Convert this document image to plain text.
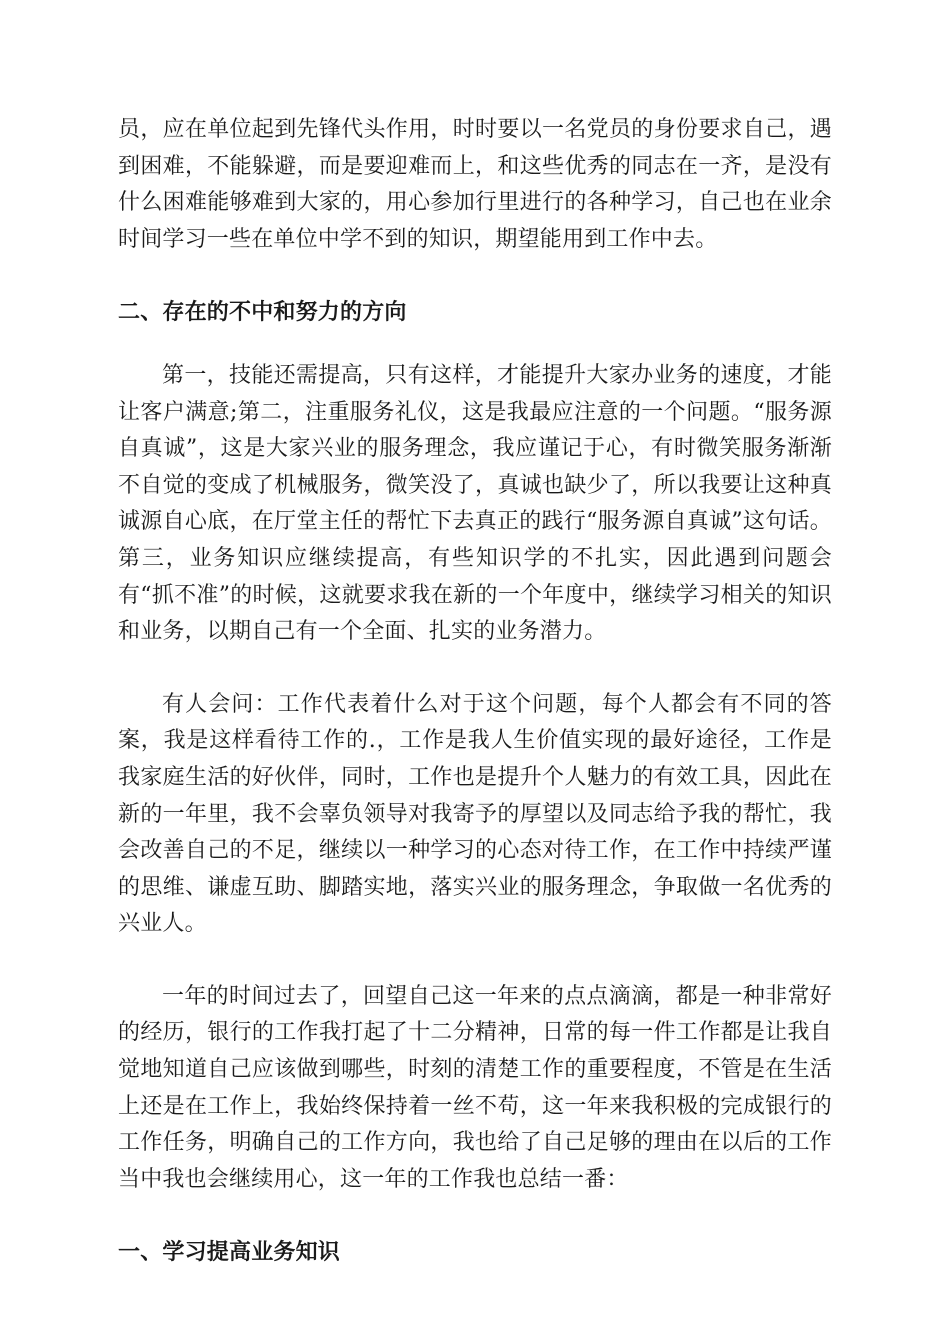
员，应在单位起到先锋代头作用，时时要以一名党员的身份要求自己，遇到困难，不能躲避，而是要迎难而上，和这些优秀的同志在一齐，是没有什么困难能够难到大家的，用心参加行里进行的各种学习，自己也在业余时间学习一些在单位中学不到的知识，期望能用到工作中去。

二、存在的不中和努力的方向

第一，技能还需提高，只有这样，才能提升大家办业务的速度，才能让客户满意;第二，注重服务礼仪，这是我最应注意的一个问题。“服务源自真诚”，这是大家兴业的服务理念，我应谨记于心，有时微笑服务渐渐不自觉的变成了机械服务，微笑没了，真诚也缺少了，所以我要让这种真诚源自心底，在厅堂主任的帮忙下去真正的践行“服务源自真诚”这句话。第三，业务知识应继续提高，有些知识学的不扎实，因此遇到问题会有“抓不准”的时候，这就要求我在新的一个年度中，继续学习相关的知识和业务，以期自己有一个全面、扎实的业务潜力。

有人会问：工作代表着什么对于这个问题，每个人都会有不同的答案，我是这样看待工作的.，工作是我人生价值实现的最好途径，工作是我家庭生活的好伙伴，同时，工作也是提升个人魅力的有效工具，因此在新的一年里，我不会辜负领导对我寄予的厚望以及同志给予我的帮忙，我会改善自己的不足，继续以一种学习的心态对待工作，在工作中持续严谨的思维、谦虚互助、脚踏实地，落实兴业的服务理念，争取做一名优秀的兴业人。

一年的时间过去了，回望自己这一年来的点点滴滴，都是一种非常好的经历，银行的工作我打起了十二分精神，日常的每一件工作都是让我自觉地知道自己应该做到哪些，时刻的清楚工作的重要程度，不管是在生活上还是在工作上，我始终保持着一丝不苟，这一年来我积极的完成银行的工作任务，明确自己的工作方向，我也给了自己足够的理由在以后的工作当中我也会继续用心，这一年的工作我也总结一番：

一、学习提高业务知识
